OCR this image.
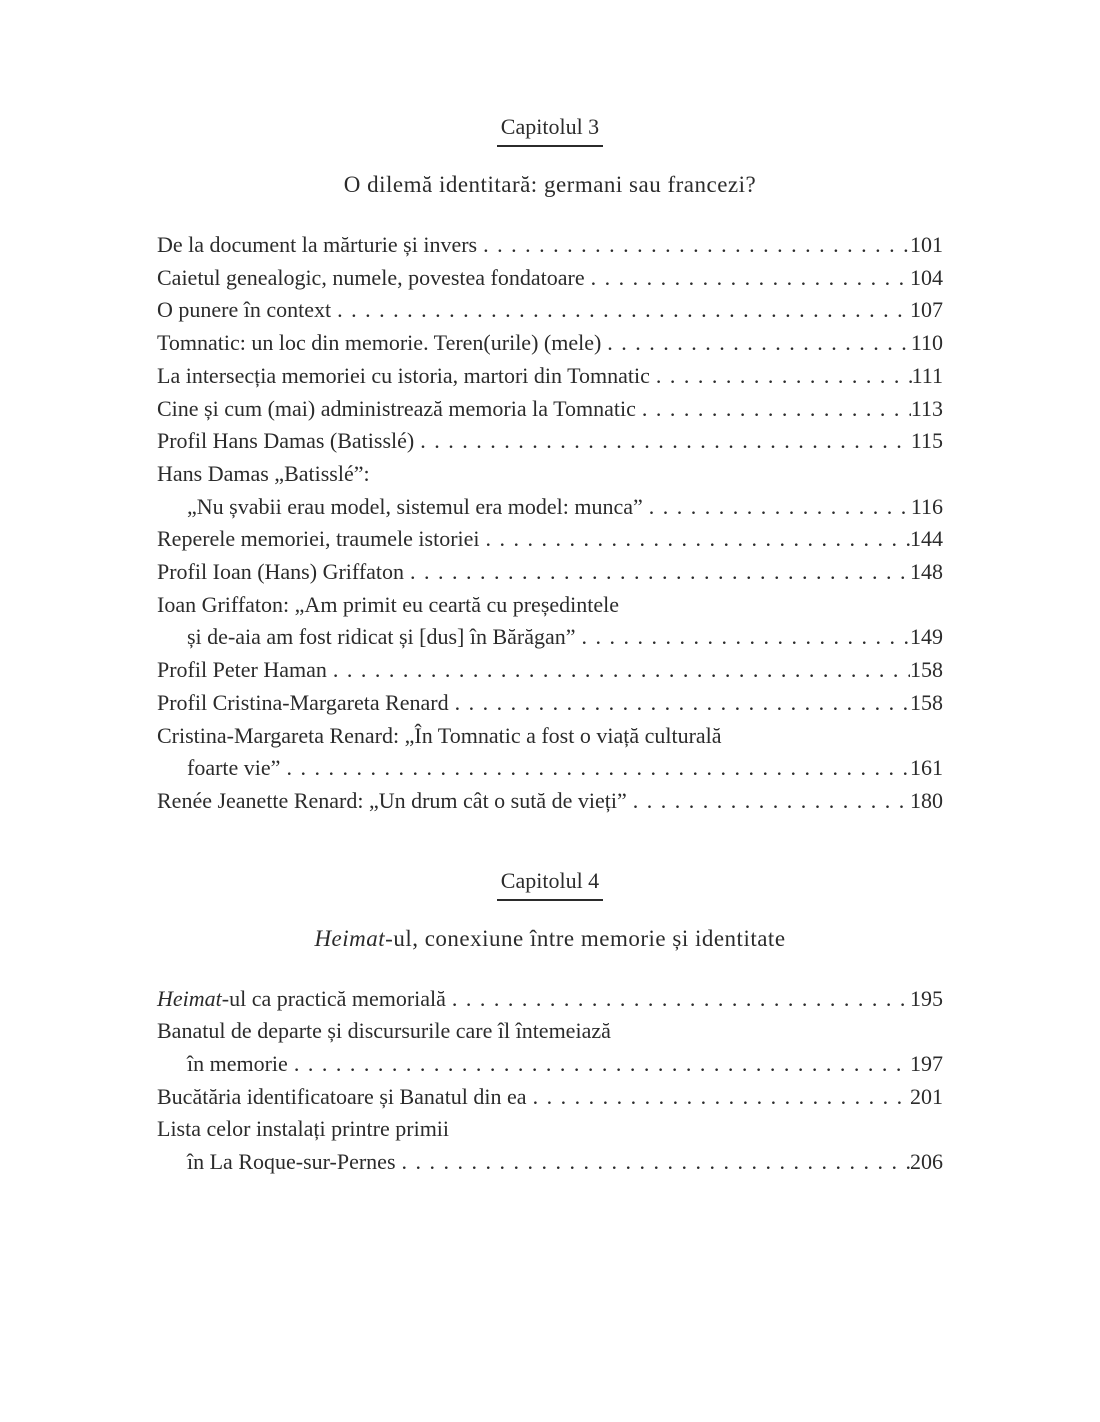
Capitolul 3
O dilemă identitară: germani sau francezi?
De la document la mărturie și invers .....	101
Caietul genealogic, numele, povestea fondatoare .....	104
O punere în context .....	107
Tomnatic: un loc din memorie. Teren(urile) (mele) .....	110
La intersecția memoriei cu istoria, martori din Tomnatic .....	111
Cine și cum (mai) administrează memoria la Tomnatic .....	113
Profil Hans Damas (Batisslé) .....	115
Hans Damas „Batisslé”:
„Nu șvabii erau model, sistemul era model: munca” .....	116
Reperele memoriei, traumele istoriei .....	144
Profil Ioan (Hans) Griffaton .....	148
Ioan Griffaton: „Am primit eu ceartă cu președintele
și de-aia am fost ridicat și [dus] în Bărăgan” .....	149
Profil Peter Haman .....	158
Profil Cristina-Margareta Renard .....	158
Cristina-Margareta Renard: „În Tomnatic a fost o viață culturală
foarte vie” .....	161
Renée Jeanette Renard: „Un drum cât o sută de vieți” .....	180
Capitolul 4
Heimat-ul, conexiune între memorie și identitate
Heimat-ul ca practică memorială .....	195
Banatul de departe și discursurile care îl întemeiază
în memorie .....	197
Bucătăria identificatoare și Banatul din ea .....	201
Lista celor instalați printre primii
în La Roque-sur-Pernes .....	206
